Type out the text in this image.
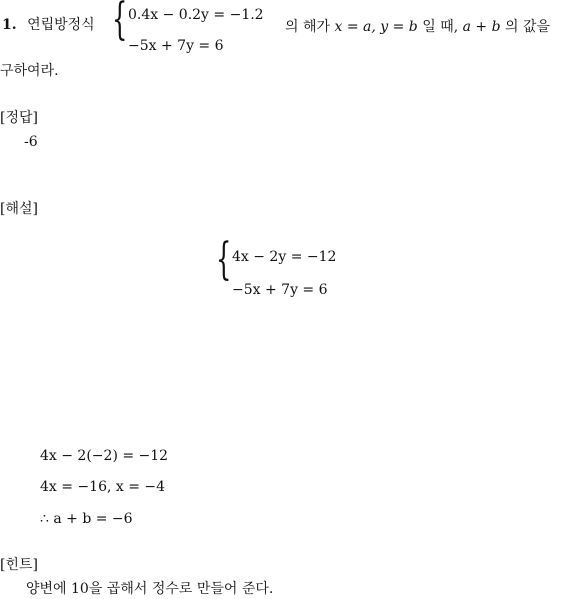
1. 연립방정식 { 0.4x − 0.2y = −1.2
−5x + 7y = 6
의 해가 x = a, y = b 일 때, a + b 의 값을
구하여라.
[정답]
-6
[해설]
{ 4x − 2y = −12
−5x + 7y = 6
4x − 2(−2) = −12
4x = −16, x = −4
∴ a + b = −6
[힌트]
양변에 10을 곱해서 정수로 만들어 준다.
